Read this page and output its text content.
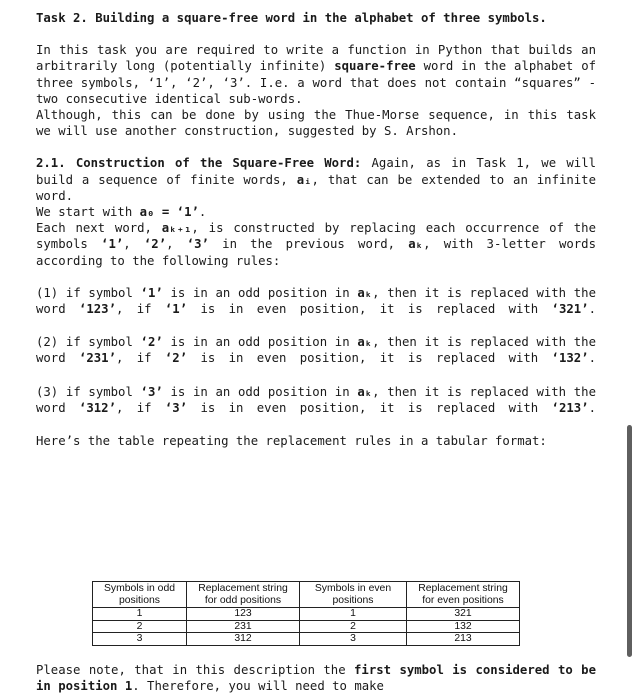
Task 2. Building a square-free word in the alphabet of three symbols.

In this task you are required to write a function in Python that builds an arbitrarily long (potentially infinite) square-free word in the alphabet of three symbols, ‘1’, ‘2’, ‘3’. I.e. a word that does not contain “squares” - two consecutive identical sub-words.

Although, this can be done by using the Thue-Morse sequence, in this task we will use another construction, suggested by S. Arshon.

2.1. Construction of the Square-Free Word: Again, as in Task 1, we will build a sequence of finite words, aᵢ, that can be extended to an infinite word.

We start with a₀ = ‘1’.

Each next word, aₖ₊₁, is constructed by replacing each occurrence of the symbols ‘1’, ‘2’, ‘3’ in the previous word, aₖ, with 3-letter words according to the following rules:

(1) if symbol ‘1’ is in an odd position in aₖ, then it is replaced with the word ‘123’, if ‘1’ is in even position, it is replaced with ‘321’.

(2) if symbol ‘2’ is in an odd position in aₖ, then it is replaced with the word ‘231’, if ‘2’ is in even position, it is replaced with ‘132’.

(3) if symbol ‘3’ is in an odd position in aₖ, then it is replaced with the word ‘312’, if ‘3’ is in even position, it is replaced with ‘213’.

Here’s the table repeating the replacement rules in a tabular format:

Symbols in odd positions	Replacement string for odd positions	Symbols in even positions	Replacement string for even positions
1	123	1	321
2	231	2	132
3	312	3	213

Please note, that in this description the first symbol is considered to be in position 1. Therefore, you will need to make
